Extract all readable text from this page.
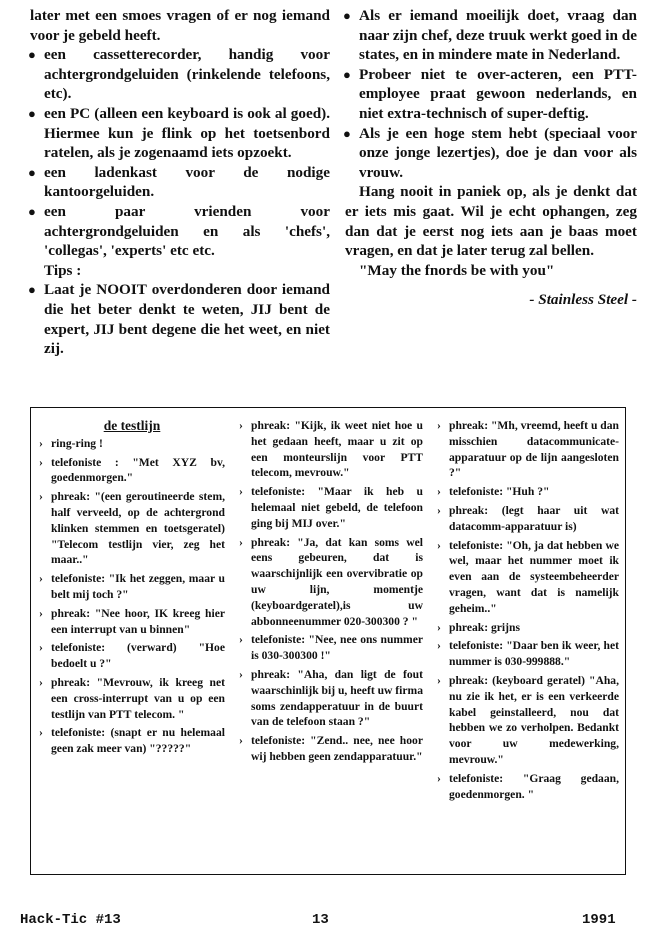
later met een smoes vragen of er nog iemand voor je gebeld heeft.

● een cassetterecorder, handig voor achtergrondgeluiden (rinkelende telefoons, etc).

● een PC (alleen een keyboard is ook al goed). Hiermee kun je flink op het toetsenbord ratelen, als je zogenaamd iets opzoekt.

● een ladenkast voor de nodige kantoorgeluiden.

● een paar vrienden voor achtergrondgeluiden en als 'chefs', 'collegas', 'experts' etc etc.

Tips :

● Laat je NOOIT overdonderen door iemand die het beter denkt te weten, JIJ bent de expert, JIJ bent degene die het weet, en niet zij.

● Als er iemand moeilijk doet, vraag dan naar zijn chef, deze truuk werkt goed in de states, en in mindere mate in Nederland.

● Probeer niet te over-acteren, een PTT-employee praat gewoon nederlands, en niet extra-technisch of super-deftig.

● Als je een hoge stem hebt (speciaal voor onze jonge lezertjes), doe je dan voor als vrouw.

Hang nooit in paniek op, als je denkt dat er iets mis gaat. Wil je echt ophangen, zeg dan dat je eerst nog iets aan je baas moet vragen, en dat je later terug zal bellen.

"May the fnords be with you"

- Stainless Steel -

de testlijn

› ring-ring !

› telefoniste : "Met XYZ bv, goedenmorgen."

› phreak: "(een geroutineerde stem, half verveeld, op de achtergrond klinken stemmen en toetsgeratel) "Telecom testlijn vier, zeg het maar.."

› telefoniste: "Ik het zeggen, maar u belt mij toch ?"

› phreak: "Nee hoor, IK kreeg hier een interrupt van u binnen"

› telefoniste: (verward) "Hoe bedoelt u ?"

› phreak: "Mevrouw, ik kreeg net een cross-interrupt van u op een testlijn van PTT telecom. "

› telefoniste: (snapt er nu helemaal geen zak meer van) "?????"

› phreak: "Kijk, ik weet niet hoe u het gedaan heeft, maar u zit op een monteurslijn voor PTT telecom, mevrouw."

› telefoniste: "Maar ik heb u helemaal niet gebeld, de telefoon ging bij MIJ over."

› phreak: "Ja, dat kan soms wel eens gebeuren, dat is waarschijnlijk een overvibratie op uw lijn, momentje (keyboardgeratel),is uw abbonneenummer 020-300300 ? "

› telefoniste: "Nee, nee ons nummer is 030-300300 !"

› phreak: "Aha, dan ligt de fout waarschinlijk bij u, heeft uw firma soms zendapperatuur in de buurt van de telefoon staan ?"

› telefoniste: "Zend.. nee, nee hoor wij hebben geen zendapparatuur."

› phreak: "Mh, vreemd, heeft u dan misschien datacommunicate-apparatuur op de lijn aangesloten ?"

› telefoniste: "Huh ?"

› phreak: (legt haar uit wat datacomm-apparatuur is)

› telefoniste: "Oh, ja dat hebben we wel, maar het nummer moet ik even aan de systeembeheerder vragen, want dat is namelijk geheim.."

› phreak: grijns

› telefoniste: "Daar ben ik weer, het nummer is 030-999888."

› phreak: (keyboard geratel) "Aha, nu zie ik het, er is een verkeerde kabel geinstalleerd, nou dat hebben we zo verholpen. Bedankt voor uw medewerking, mevrouw."

› telefoniste: "Graag gedaan, goedenmorgen. "

Hack-Tic #13	13	1991
